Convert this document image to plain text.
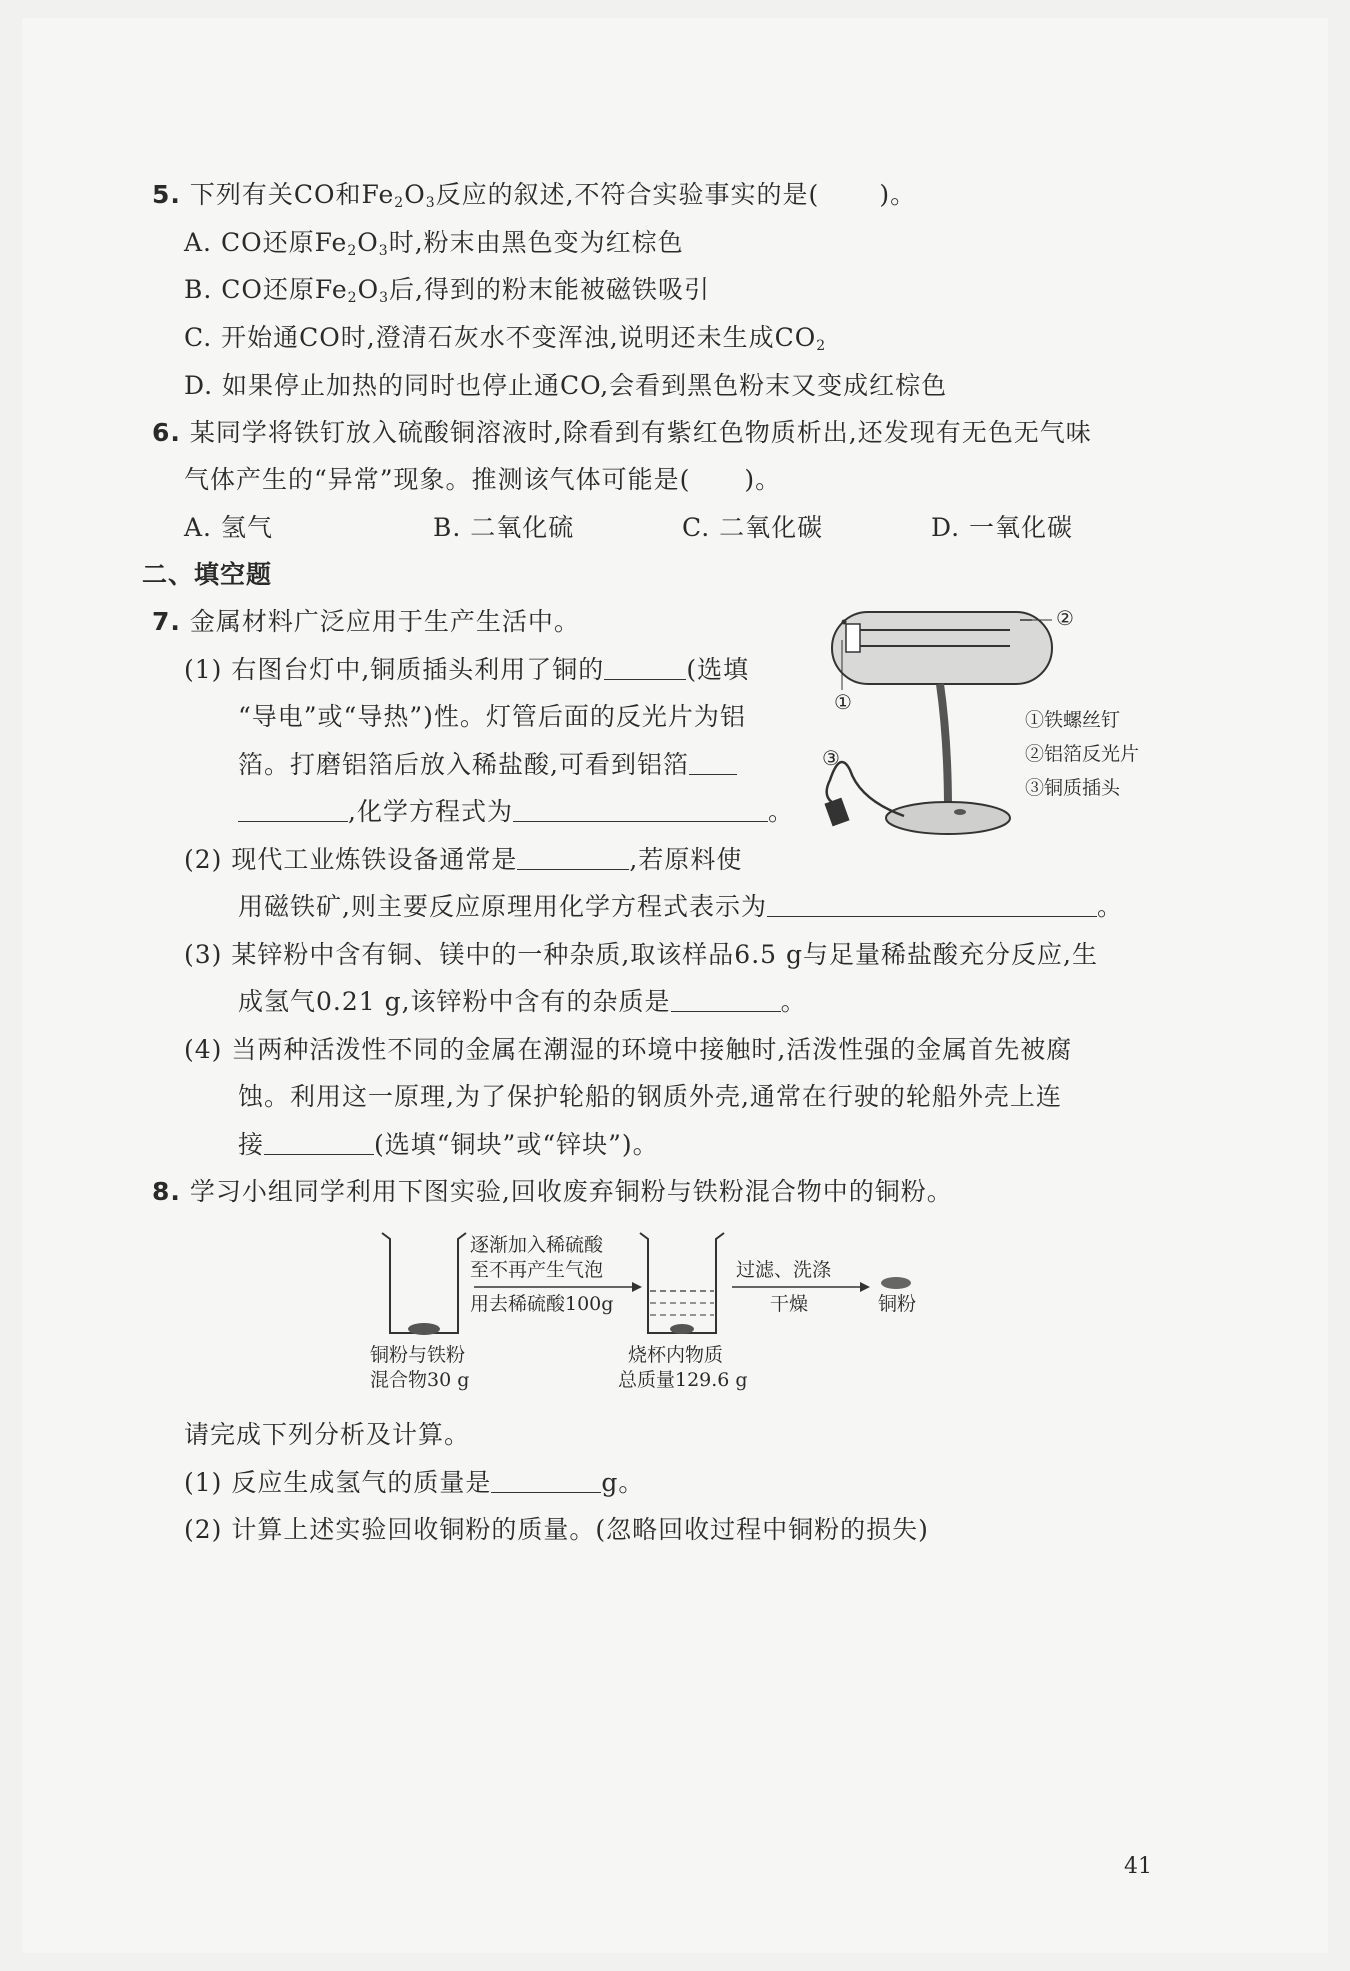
5. 下列有关CO和$Fe_2O_3$反应的叙述,不符合实验事实的是( )。
A. CO还原$Fe_2O_3$时,粉末由黑色变为红棕色
B. CO还原$Fe_2O_3$后,得到的粉末能被磁铁吸引
C. 开始通CO时,澄清石灰水不变浑浊,说明还未生成$CO_2$
D. 如果停止加热的同时也停止通CO,会看到黑色粉末又变成红棕色
6. 某同学将铁钉放入硫酸铜溶液时,除看到有紫红色物质析出,还发现有无色无气味
气体产生的“异常”现象。推测该气体可能是( )。
A. 氢气	B. 二氧化硫	C. 二氧化碳	D. 一氧化碳
二、填空题
7. 金属材料广泛应用于生产生活中。
(1) 右图台灯中,铜质插头利用了铜的	(选填
“导电”或“导热”)性。灯管后面的反光片为铝
箔。打磨铝箔后放入稀盐酸,可看到铝箔
,化学方程式为	。
(2) 现代工业炼铁设备通常是	,若原料使
用磁铁矿,则主要反应原理用化学方程式表示为	。
(3) 某锌粉中含有铜、镁中的一种杂质,取该样品6.5 g与足量稀盐酸充分反应,生
成氢气0.21 g,该锌粉中含有的杂质是	。
(4) 当两种活泼性不同的金属在潮湿的环境中接触时,活泼性强的金属首先被腐
蚀。利用这一原理,为了保护轮船的钢质外壳,通常在行驶的轮船外壳上连
接	(选填“铜块”或“锌块”)。
①
②
③
①铁螺丝钉
②铝箔反光片
③铜质插头
8. 学习小组同学利用下图实验,回收废弃铜粉与铁粉混合物中的铜粉。
逐渐加入稀硫酸
至不再产生气泡
用去稀硫酸100g
过滤、洗涤
干燥	铜粉
铜粉与铁粉
混合物30 g
烧杯内物质
总质量129.6 g
请完成下列分析及计算。
(1) 反应生成氢气的质量是	g。
(2) 计算上述实验回收铜粉的质量。(忽略回收过程中铜粉的损失)
41
